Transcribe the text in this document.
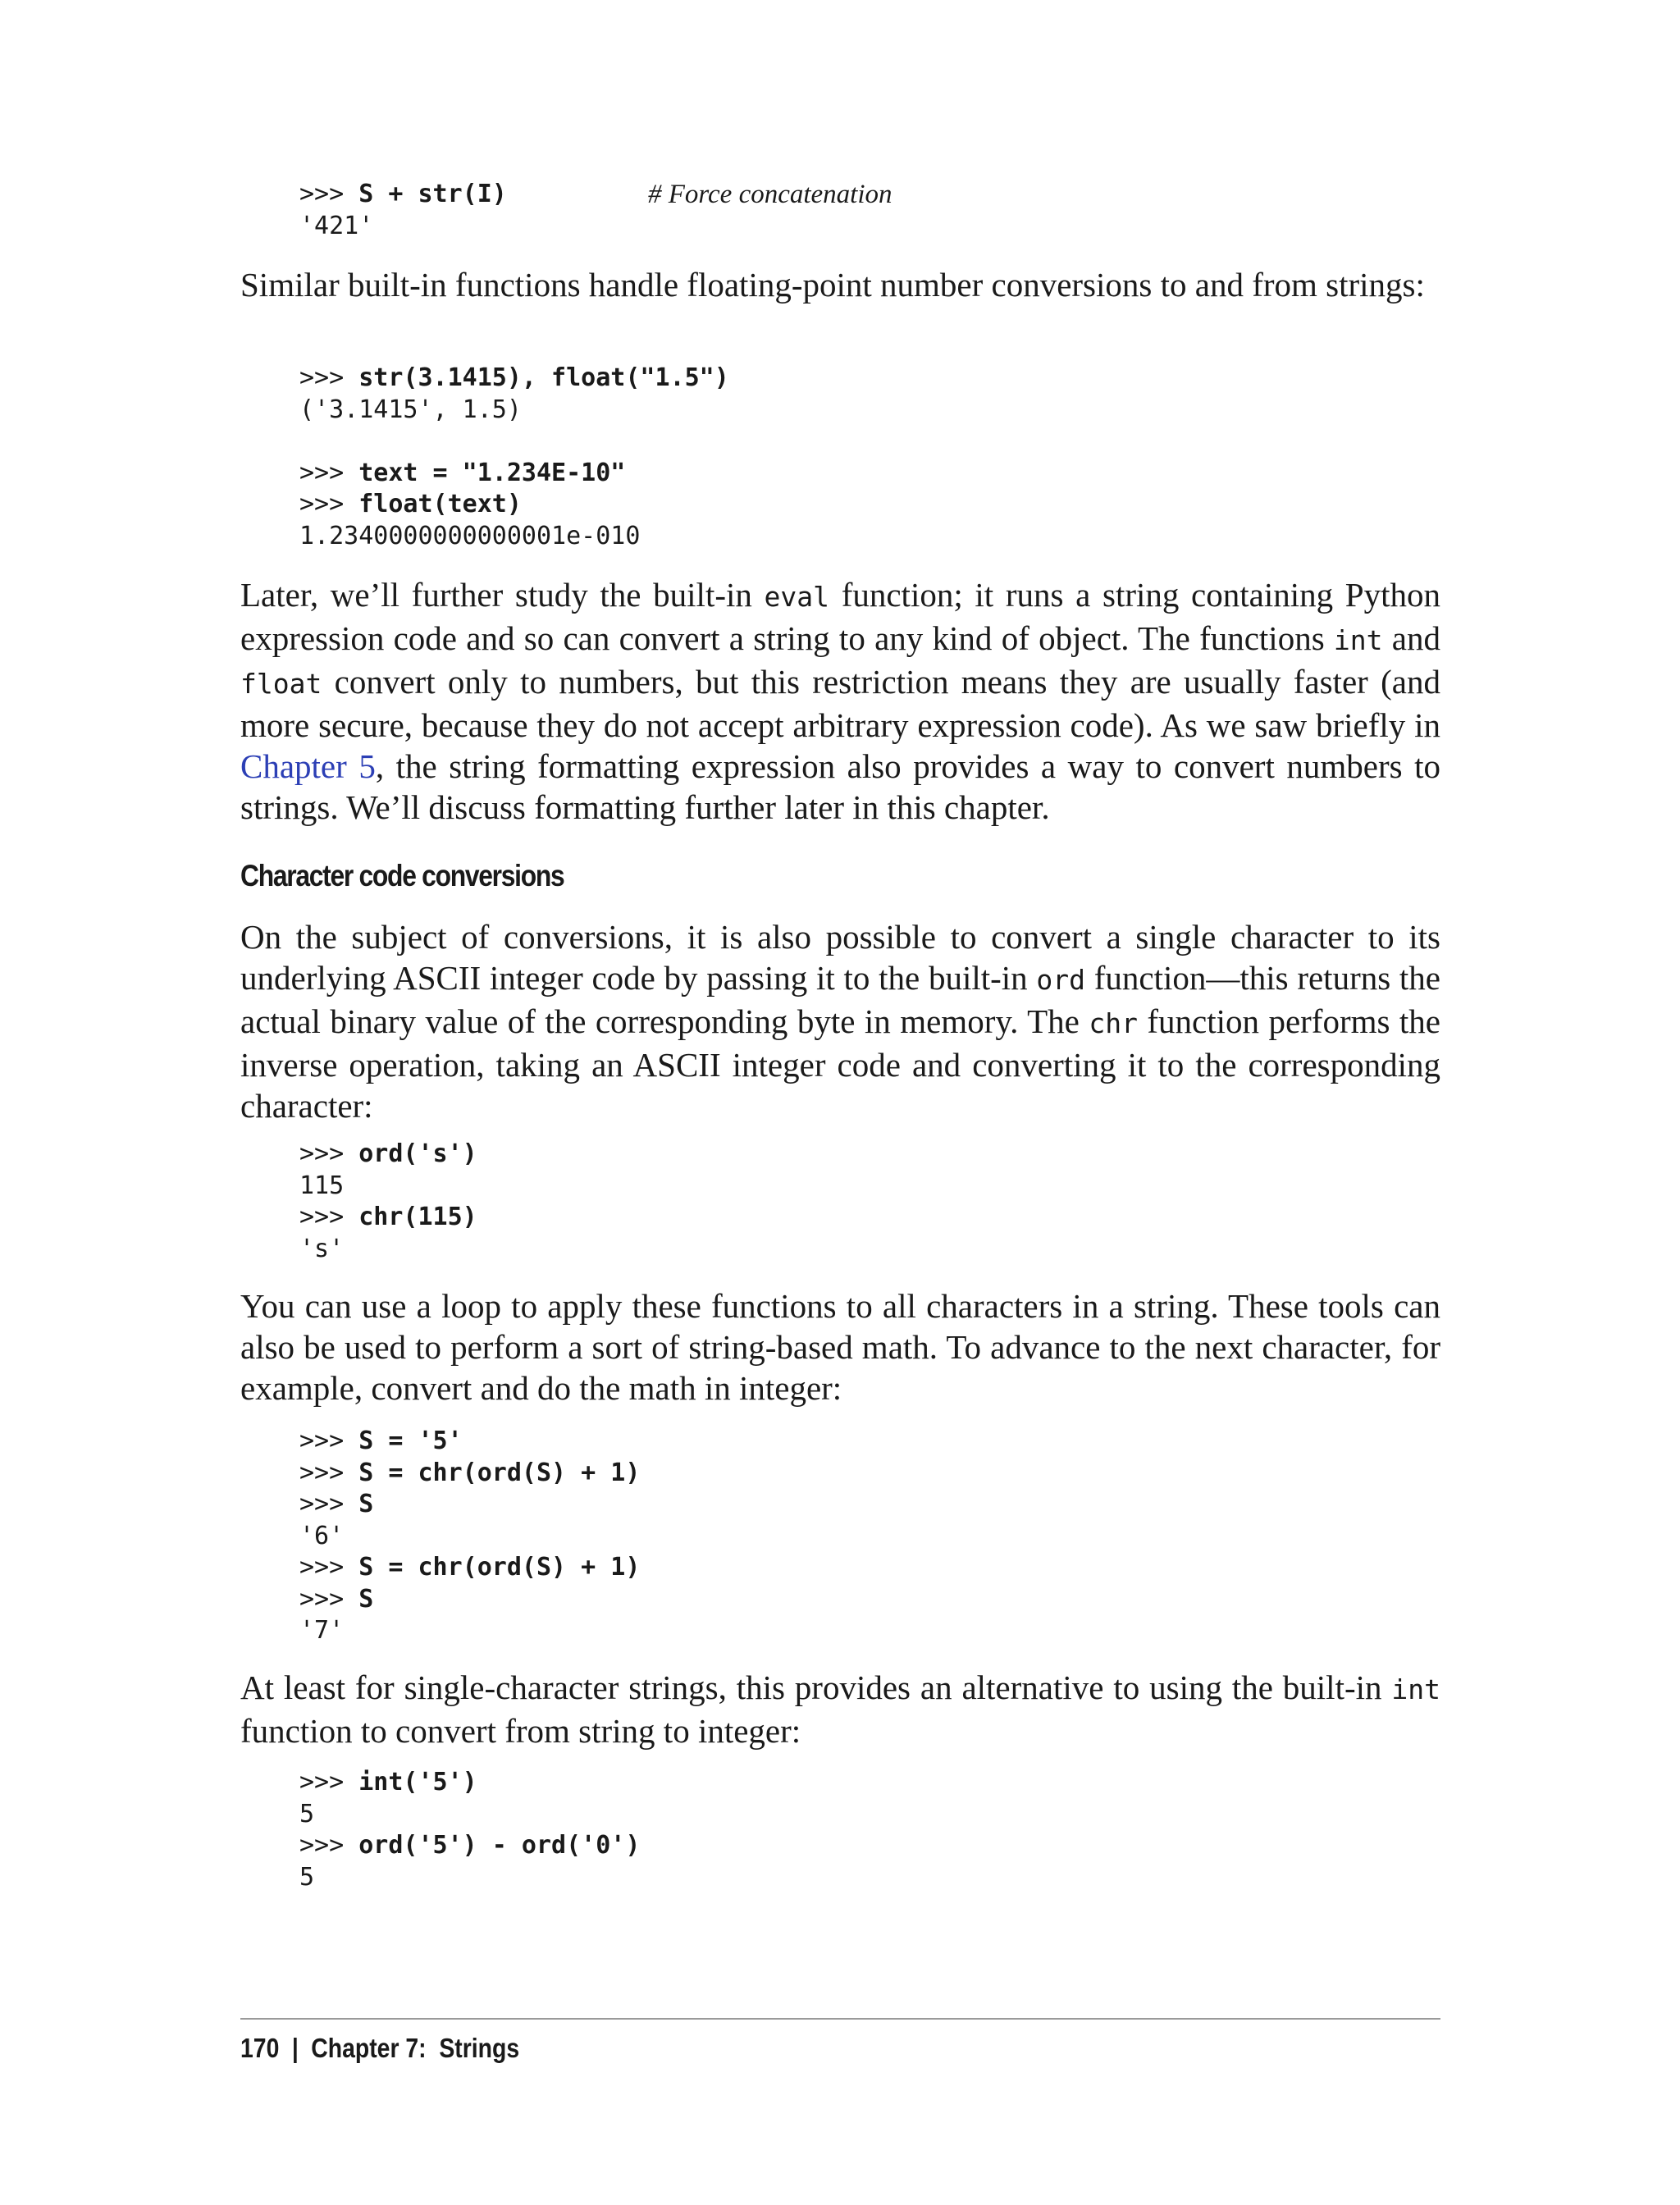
>>> S + str(I)	# Force concatenation
'421'

Similar built-in functions handle floating-point number conversions to and from strings:

>>> str(3.1415), float("1.5")
('3.1415', 1.5)
>>> text = "1.234E-10"
>>> float(text)
1.2340000000000001e-010

Later, we’ll further study the built-in eval function; it runs a string containing Python expression code and so can convert a string to any kind of object. The functions int and float convert only to numbers, but this restriction means they are usually faster (and more secure, because they do not accept arbitrary expression code). As we saw briefly in Chapter 5, the string formatting expression also provides a way to convert numbers to strings. We’ll discuss formatting further later in this chapter.

Character code conversions

On the subject of conversions, it is also possible to convert a single character to its underlying ASCII integer code by passing it to the built-in ord function—this returns the actual binary value of the corresponding byte in memory. The chr function performs the inverse operation, taking an ASCII integer code and converting it to the corresponding character:

>>> ord('s')
115
>>> chr(115)
's'

You can use a loop to apply these functions to all characters in a string. These tools can also be used to perform a sort of string-based math. To advance to the next character, for example, convert and do the math in integer:

>>> S = '5'
>>> S = chr(ord(S) + 1)
>>> S
'6'
>>> S = chr(ord(S) + 1)
>>> S
'7'

At least for single-character strings, this provides an alternative to using the built-in int function to convert from string to integer:

>>> int('5')
5
>>> ord('5') - ord('0')
5
170 | Chapter 7:  Strings
